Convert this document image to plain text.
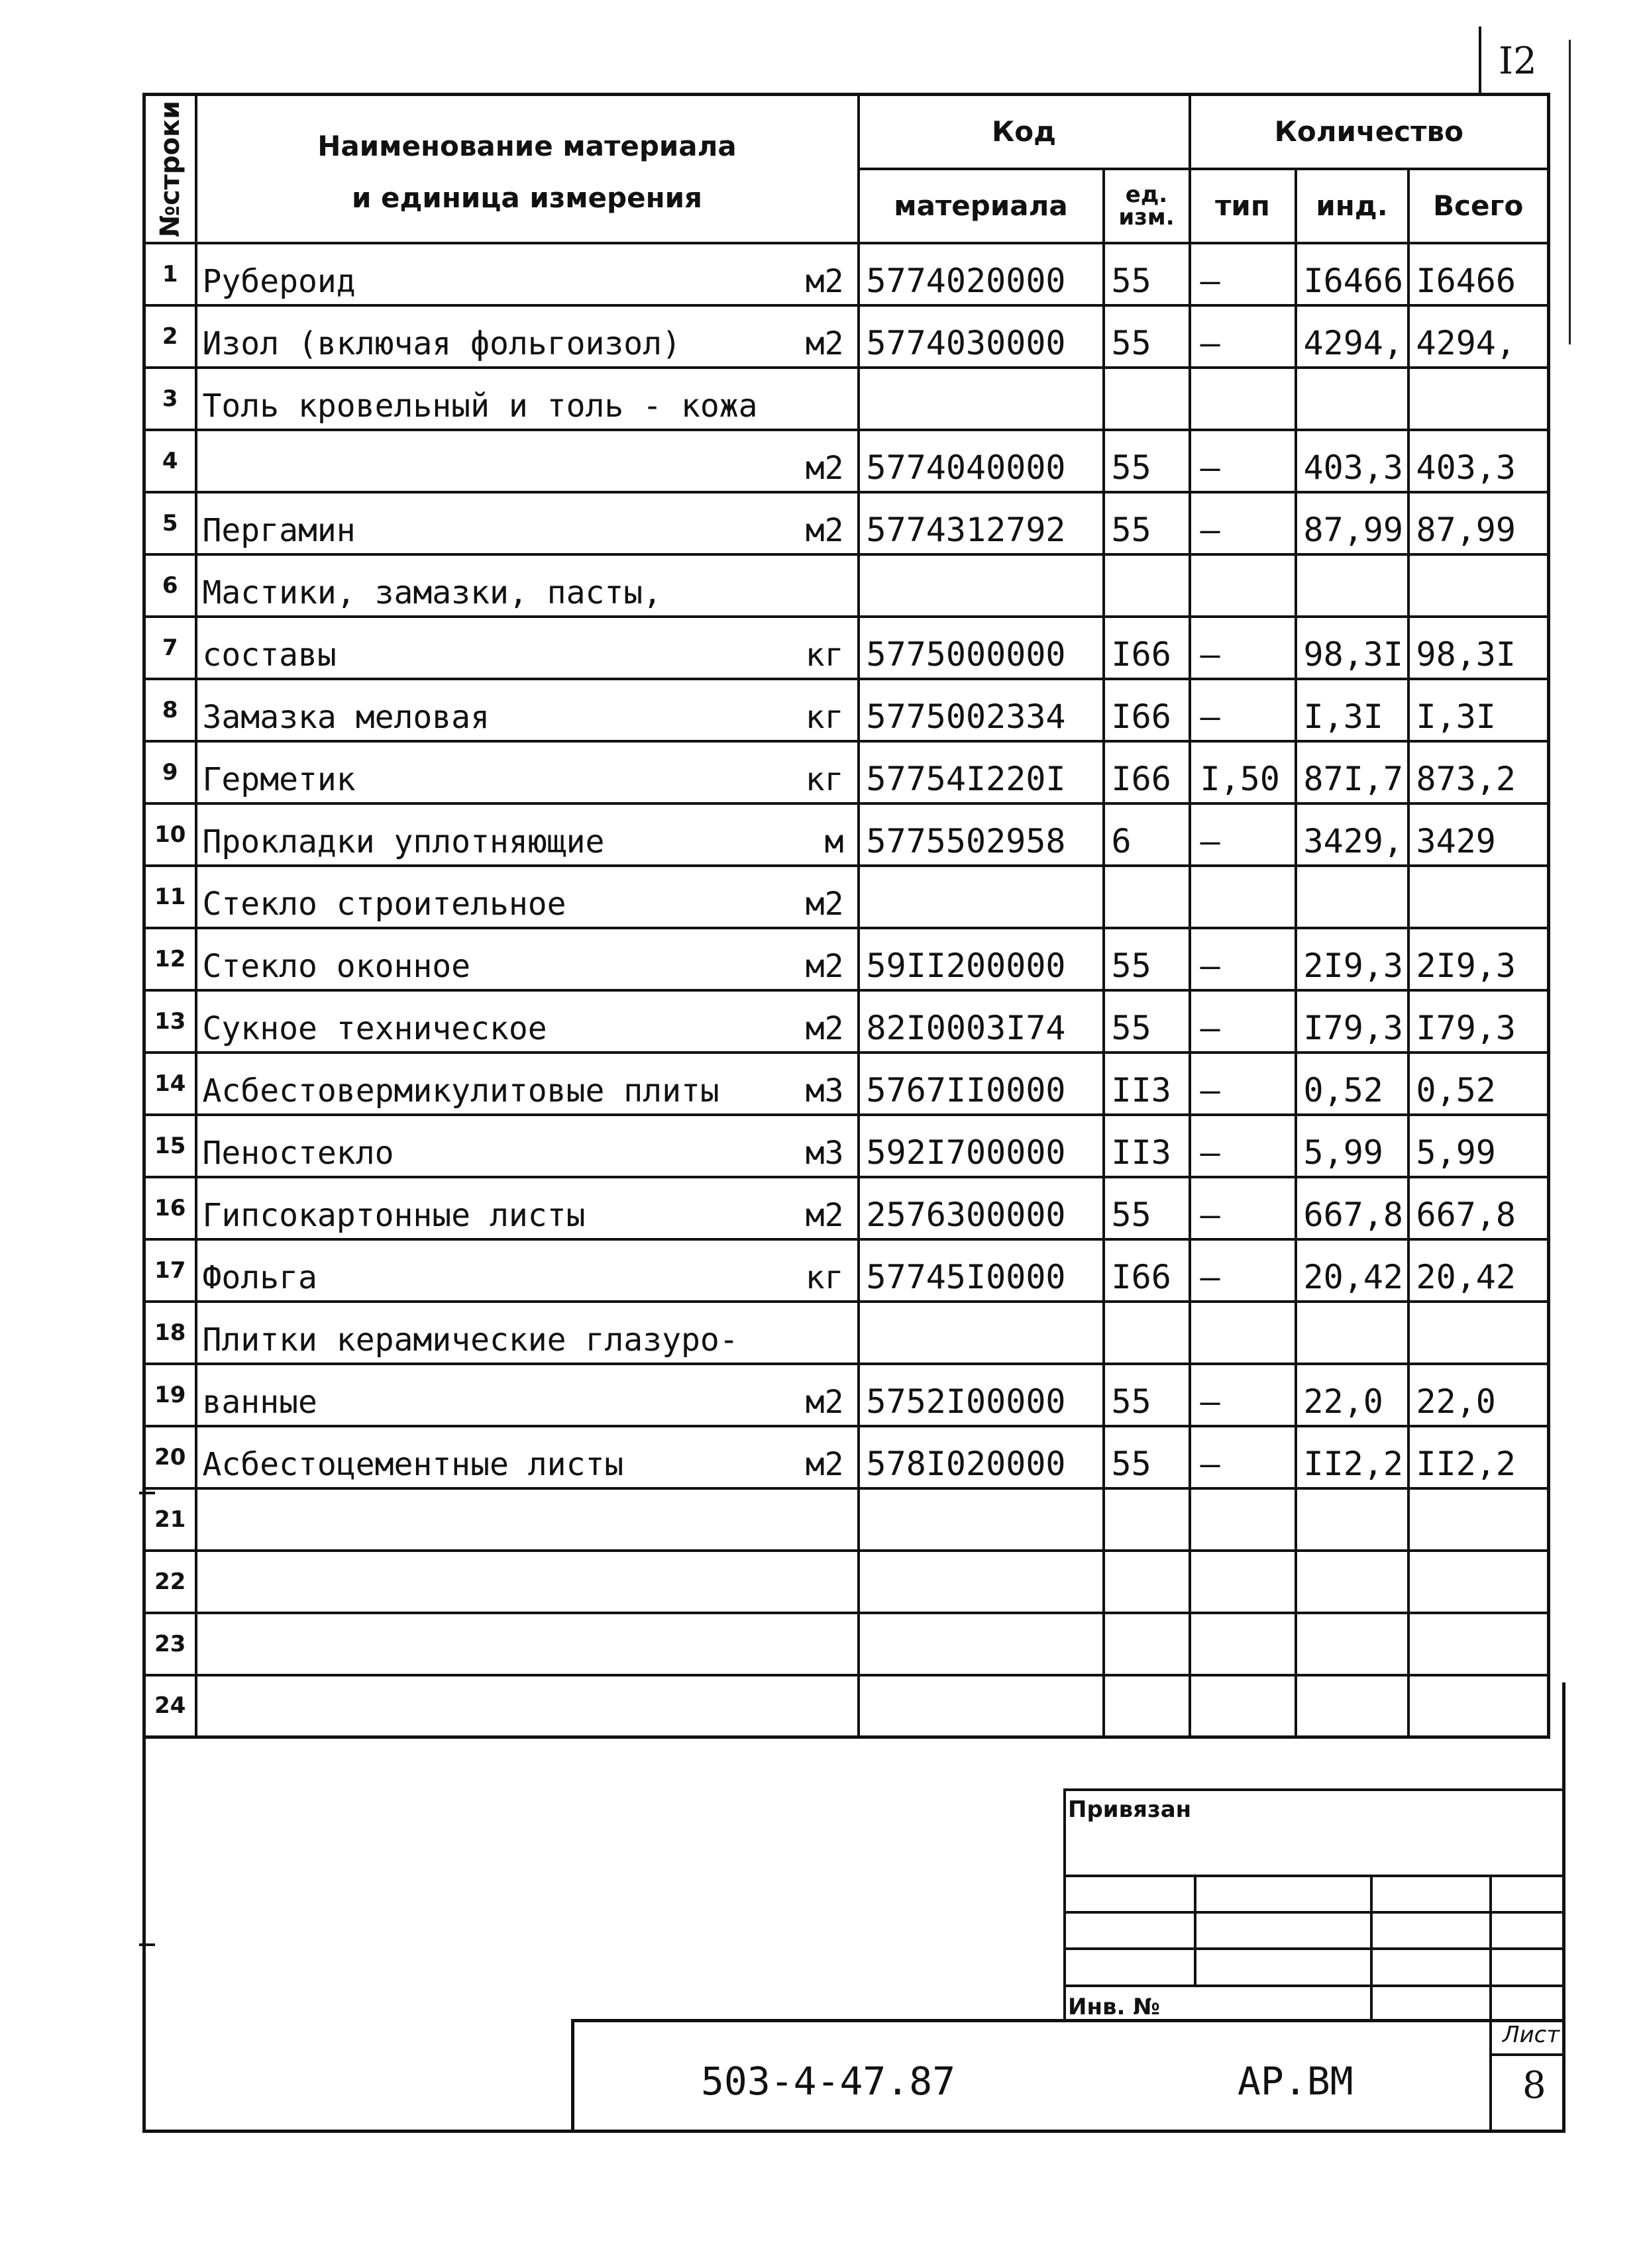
I2
№строки	Наименование материала
и единица измерения	Код		Количество		
		материала	ед. изм.	тип	инд.	Всего
1	Рубероид м2	5774020000	55	–	I6466	I6466
2	Изол (включая фольгоизол) м2	5774030000	55	–	4294,	4294,
3	Толь кровельный и толь - кожа					

4	м2	5774040000	55	–	403,3	403,3
5	Пергамин м2	5774312792	55	–	87,99	87,99
6	Мастики, замазки, пасты,					

7	составы кг	5775000000	I66	–	98,3I	98,3I
8	Замазка меловая кг	5775002334	I66	–	I,3I	I,3I
9	Герметик кг	57754I220I	I66	I,50	87I,7	873,2
10	Прокладки уплотняющие м	5775502958	6	–	3429,	3429
11	Стекло строительное м2					

12	Стекло оконное м2	59II200000	55	–	2I9,3	2I9,3
13	Сукное техническое м2	82I0003I74	55	–	I79,3	I79,3
14	Асбестовермикулитовые плиты м3	5767II0000	II3	–	0,52	0,52
15	Пеностекло м3	592I700000	II3	–	5,99	5,99
16	Гипсокартонные листы м2	2576300000	55	–	667,8	667,8
17	Фольга кг	57745I0000	I66	–	20,42	20,42
18	Плитки керамические глазуро-					

19	ванные м2	5752I00000	55	–	22,0	22,0
20	Асбестоцементные листы м2	578I020000	55	–	II2,2	II2,2
21	

22	

23	

24	

Привязан
Инв. №
503-4-47.87	АР.ВМ
Лист
8
